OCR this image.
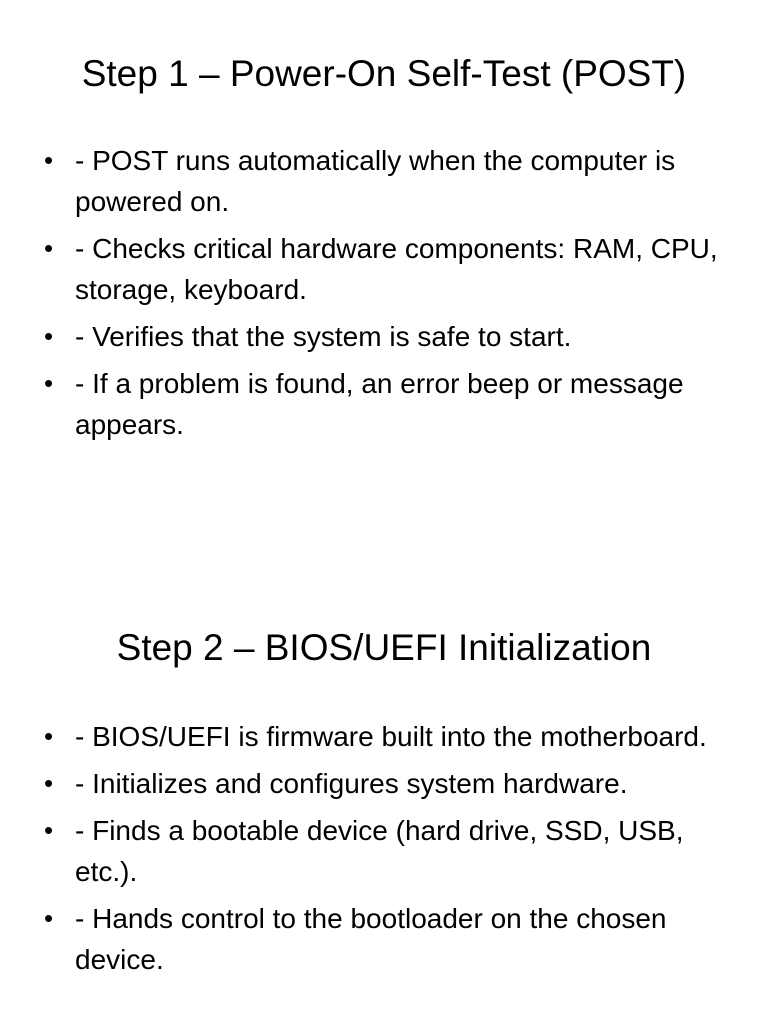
Step 1 – Power-On Self-Test (POST)
• - POST runs automatically when the computer is powered on.
• - Checks critical hardware components: RAM, CPU, storage, keyboard.
• - Verifies that the system is safe to start.
• - If a problem is found, an error beep or message appears.
Step 2 – BIOS/UEFI Initialization
• - BIOS/UEFI is firmware built into the motherboard.
• - Initializes and configures system hardware.
• - Finds a bootable device (hard drive, SSD, USB, etc.).
• - Hands control to the bootloader on the chosen device.
